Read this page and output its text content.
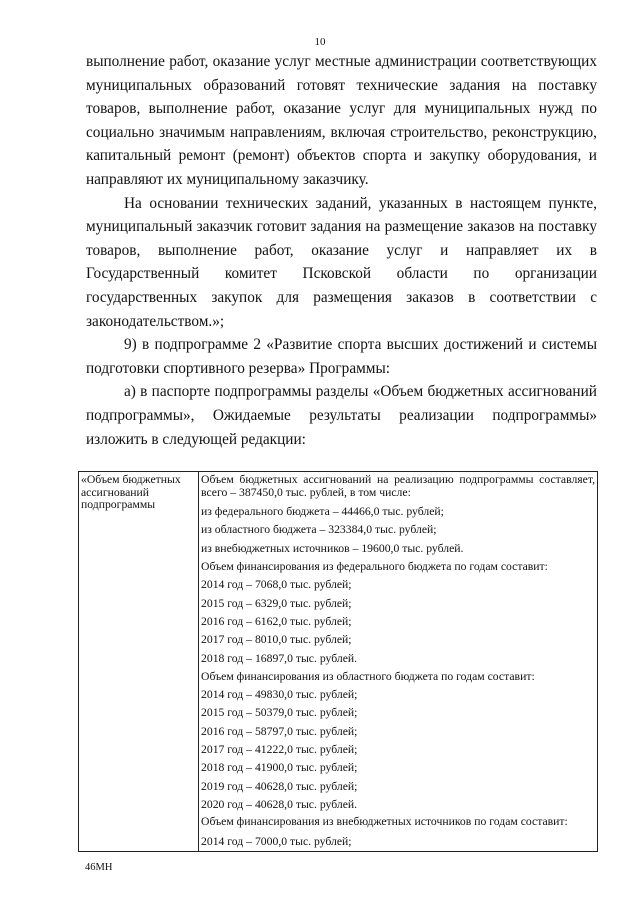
10

выполнение работ, оказание услуг местные администрации соответствующих муниципальных образований готовят технические задания на поставку товаров, выполнение работ, оказание услуг для муниципальных нужд по социально значимым направлениям, включая строительство, реконструкцию, капитальный ремонт (ремонт) объектов спорта и закупку оборудования, и направляют их муниципальному заказчику.

На основании технических заданий, указанных в настоящем пункте, муниципальный заказчик готовит задания на размещение заказов на поставку товаров, выполнение работ, оказание услуг и направляет их в Государственный комитет Псковской области по организации государственных закупок для размещения заказов в соответствии с законодательством.»;

9) в подпрограмме 2 «Развитие спорта высших достижений и системы подготовки спортивного резерва» Программы:

а) в паспорте подпрограммы разделы «Объем бюджетных ассигнований подпрограммы», Ожидаемые результаты реализации подпрограммы» изложить в следующей редакции:

«Объем бюджетных ассигнований подпрограммы	
Объем бюджетных ассигнований на реализацию подпрограммы составляет, всего – 387450,0 тыс. рублей, в том числе:
из федерального бюджета – 44466,0 тыс. рублей;
из областного бюджета – 323384,0 тыс. рублей;
из внебюджетных источников – 19600,0 тыс. рублей.
Объем финансирования из федерального бюджета по годам составит:
2014 год – 7068,0 тыс. рублей;
2015 год – 6329,0 тыс. рублей;
2016 год – 6162,0 тыс. рублей;
2017 год – 8010,0 тыс. рублей;
2018 год – 16897,0 тыс. рублей.
Объем финансирования из областного бюджета по годам составит:
2014 год – 49830,0 тыс. рублей;
2015 год – 50379,0 тыс. рублей;
2016 год – 58797,0 тыс. рублей;
2017 год – 41222,0 тыс. рублей;
2018 год – 41900,0 тыс. рублей;
2019 год – 40628,0 тыс. рублей;
2020 год – 40628,0 тыс. рублей.
Объем финансирования из внебюджетных источников по годам составит:
2014 год – 7000,0 тыс. рублей;
46МН
